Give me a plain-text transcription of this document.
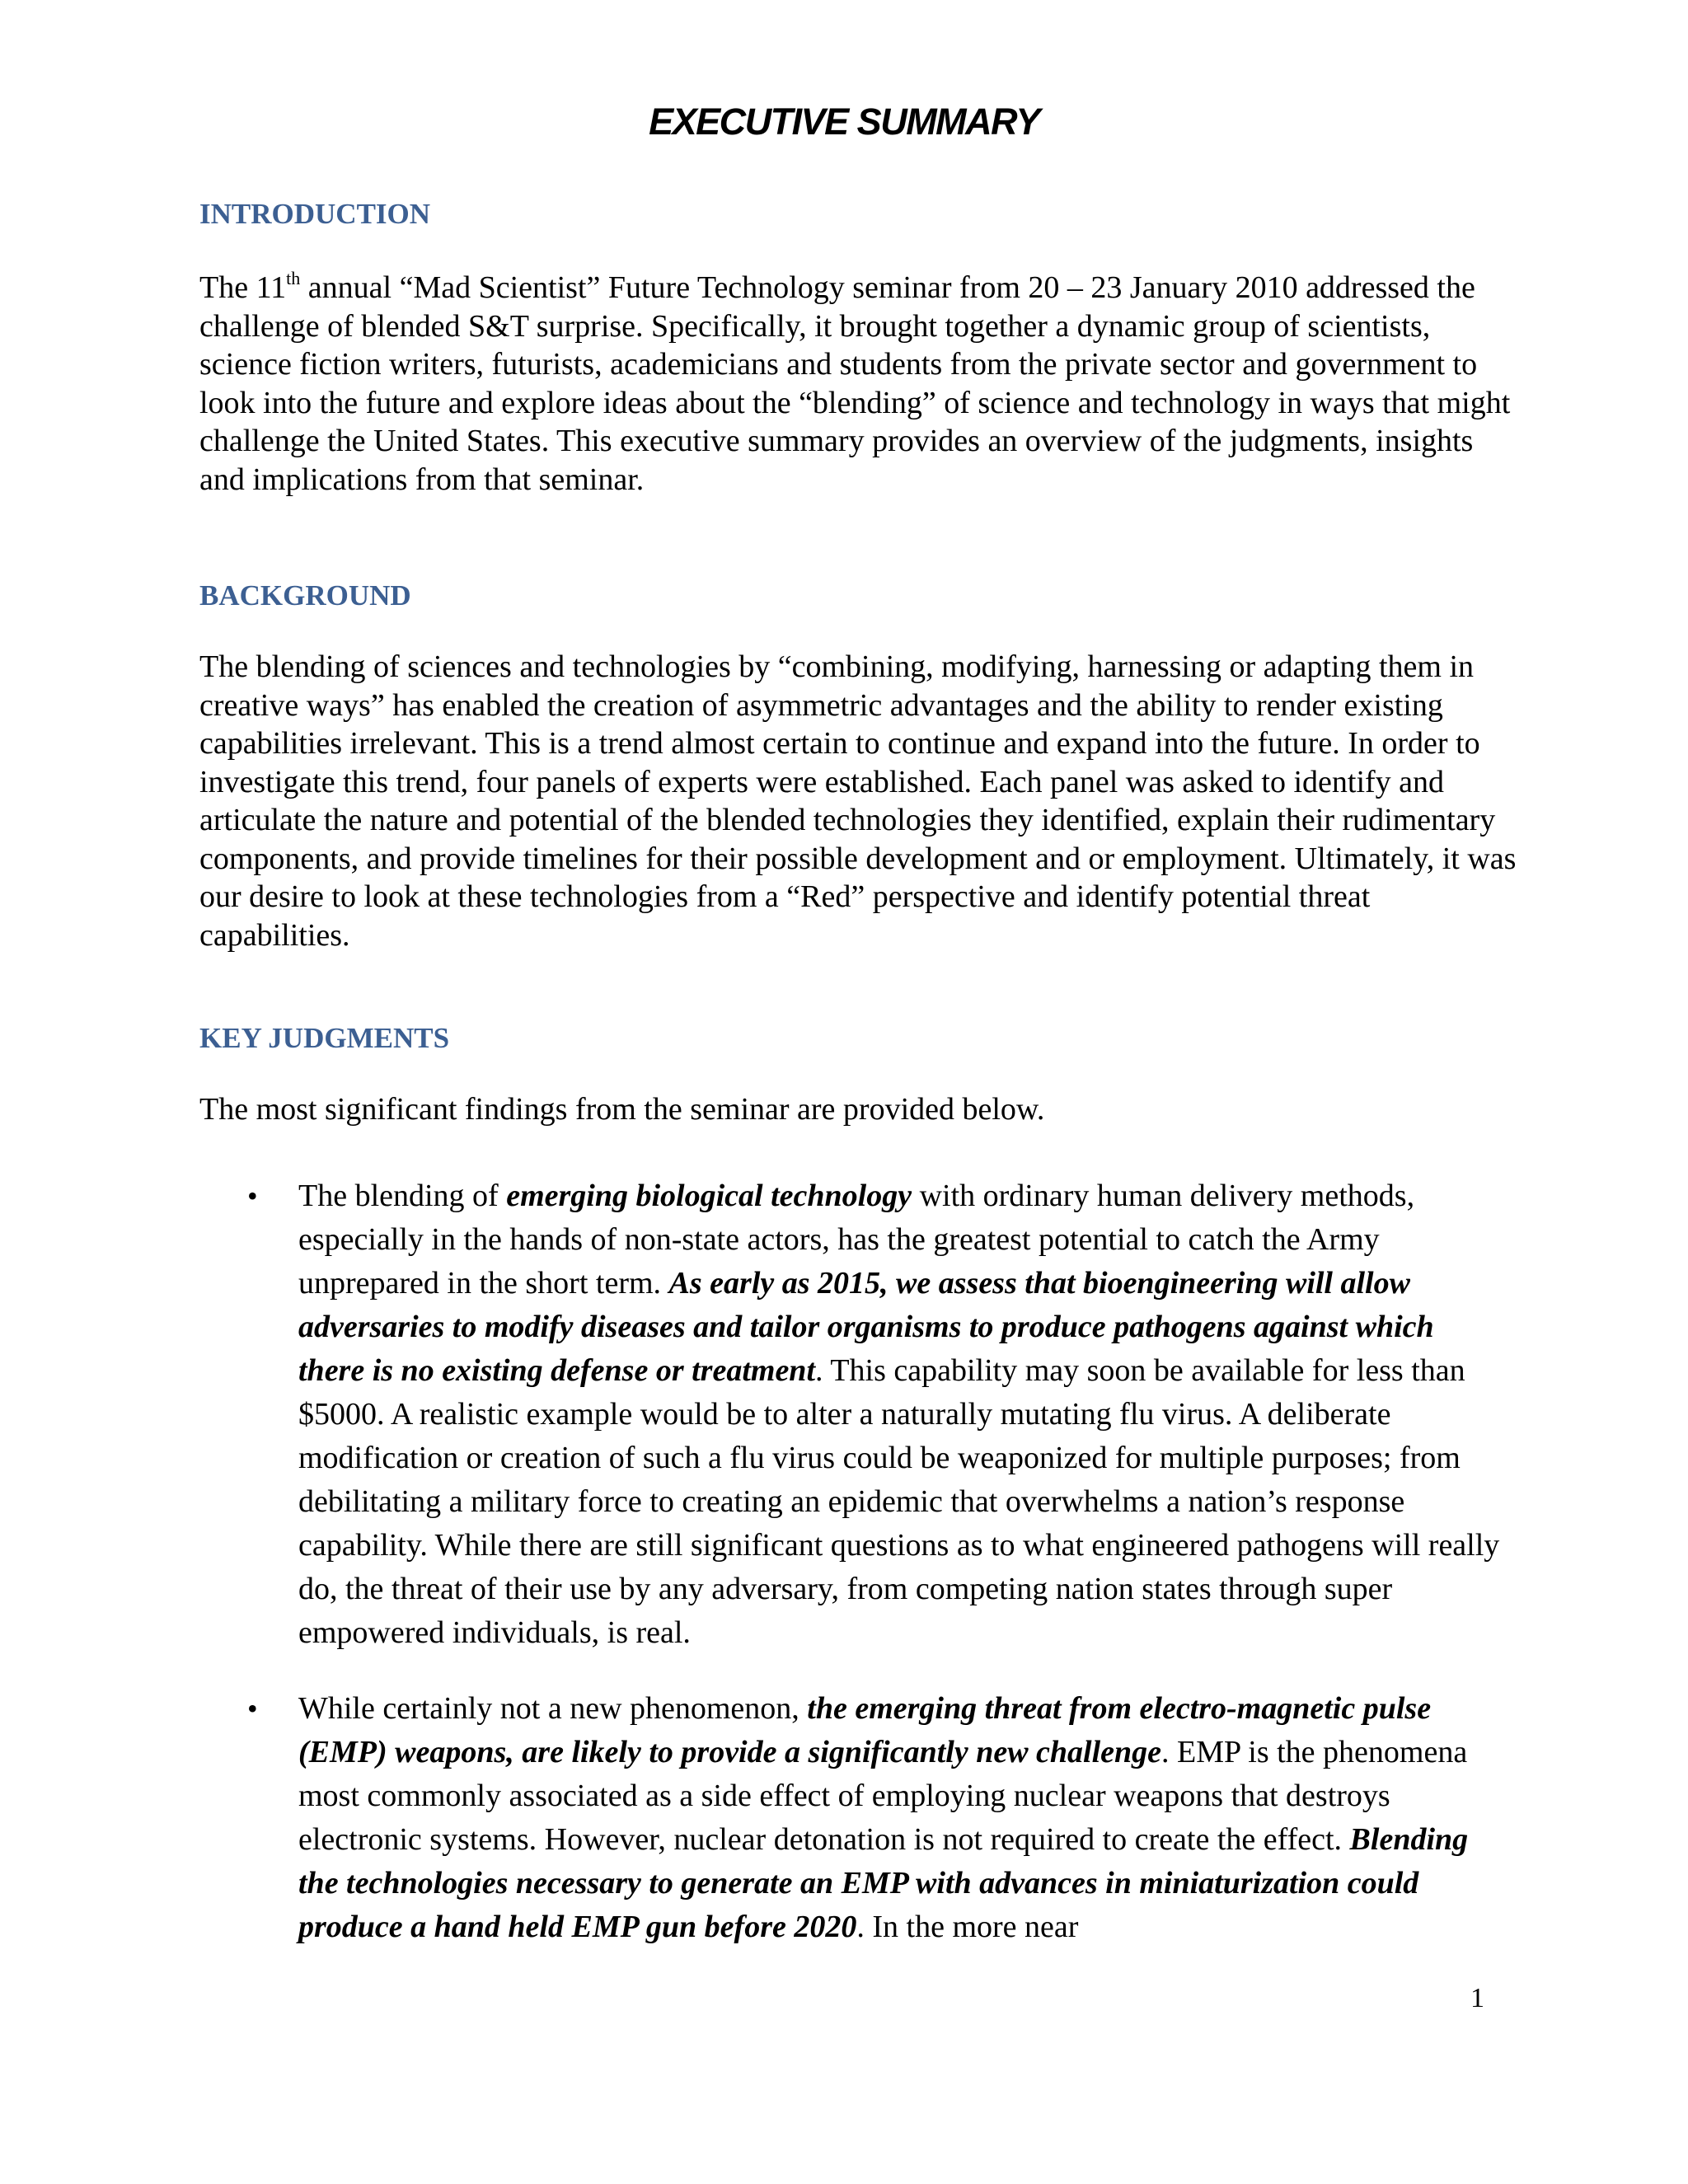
EXECUTIVE SUMMARY
INTRODUCTION

The 11th annual “Mad Scientist” Future Technology seminar from 20 – 23 January 2010 addressed the challenge of blended S&T surprise. Specifically, it brought together a dynamic group of scientists, science fiction writers, futurists, academicians and students from the private sector and government to look into the future and explore ideas about the “blending” of science and technology in ways that might challenge the United States. This executive summary provides an overview of the judgments, insights and implications from that seminar.

BACKGROUND

The blending of sciences and technologies by “combining, modifying, harnessing or adapting them in creative ways” has enabled the creation of asymmetric advantages and the ability to render existing capabilities irrelevant. This is a trend almost certain to continue and expand into the future. In order to investigate this trend, four panels of experts were established. Each panel was asked to identify and articulate the nature and potential of the blended technologies they identified, explain their rudimentary components, and provide timelines for their possible development and or employment. Ultimately, it was our desire to look at these technologies from a “Red” perspective and identify potential threat capabilities.

KEY JUDGMENTS

The most significant findings from the seminar are provided below.

• The blending of emerging biological technology with ordinary human delivery methods, especially in the hands of non-state actors, has the greatest potential to catch the Army unprepared in the short term. As early as 2015, we assess that bioengineering will allow adversaries to modify diseases and tailor organisms to produce pathogens against which there is no existing defense or treatment. This capability may soon be available for less than $5000. A realistic example would be to alter a naturally mutating flu virus. A deliberate modification or creation of such a flu virus could be weaponized for multiple purposes; from debilitating a military force to creating an epidemic that overwhelms a nation’s response capability. While there are still significant questions as to what engineered pathogens will really do, the threat of their use by any adversary, from competing nation states through super empowered individuals, is real.

• While certainly not a new phenomenon, the emerging threat from electro-magnetic pulse (EMP) weapons, are likely to provide a significantly new challenge. EMP is the phenomena most commonly associated as a side effect of employing nuclear weapons that destroys electronic systems. However, nuclear detonation is not required to create the effect. Blending the technologies necessary to generate an EMP with advances in miniaturization could produce a hand held EMP gun before 2020. In the more near

1
